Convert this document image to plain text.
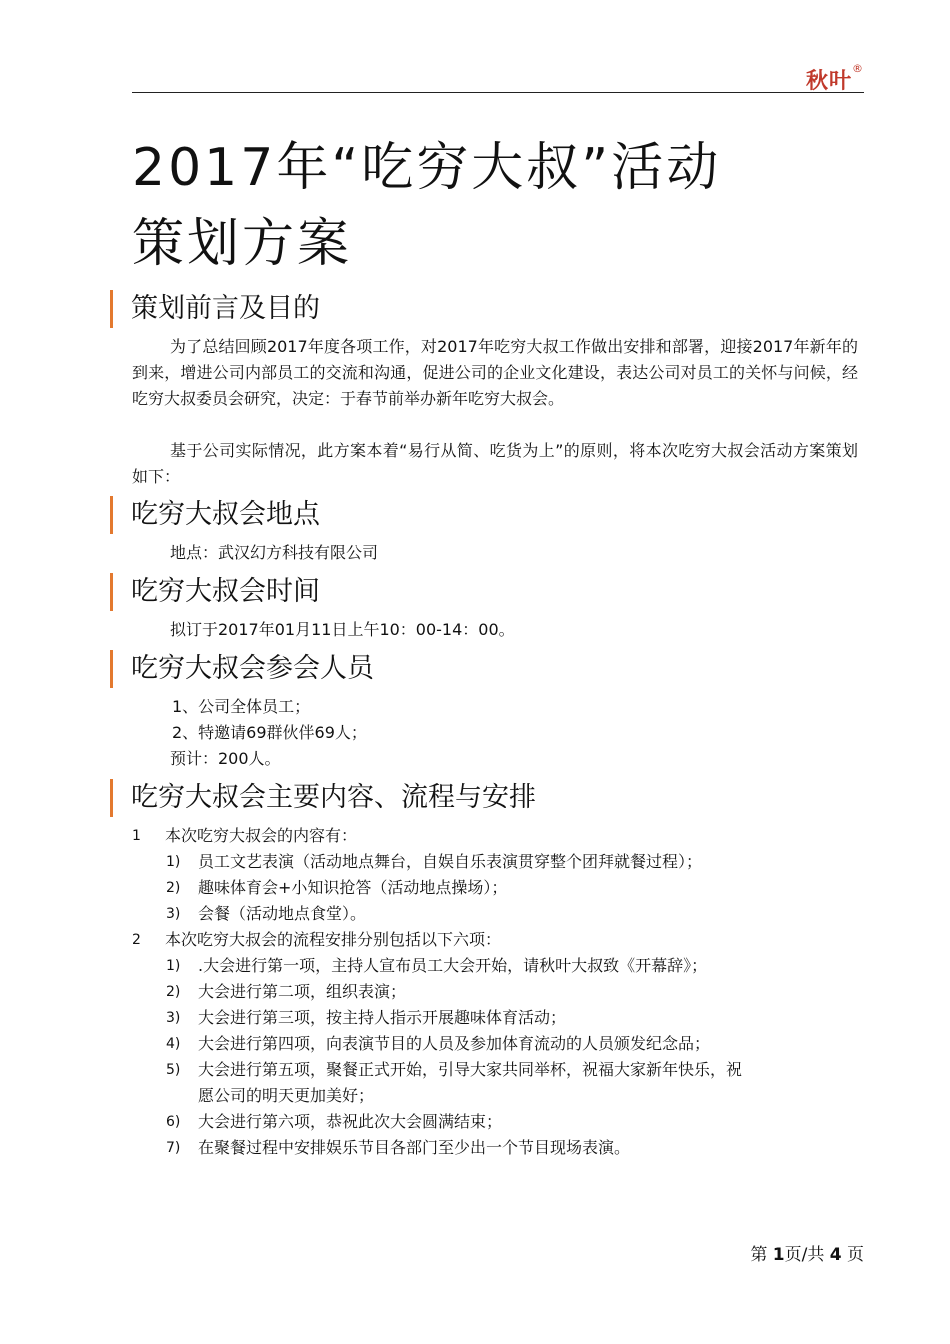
秋叶®
2017年“吃穷大叔”活动
策划方案
策划前言及目的

为了总结回顾2017年度各项工作，对2017年吃穷大叔工作做出安排和部署，迎接2017年新年的到来，增进公司内部员工的交流和沟通，促进公司的企业文化建设，表达公司对员工的关怀与问候，经吃穷大叔委员会研究，决定：于春节前举办新年吃穷大叔会。

基于公司实际情况，此方案本着“易行从简、吃货为上”的原则，将本次吃穷大叔会活动方案策划如下：

吃穷大叔会地点
地点：武汉幻方科技有限公司
吃穷大叔会时间
拟订于2017年01月11日上午10：00-14：00。
吃穷大叔会参会人员
1、公司全体员工；
2、特邀请69群伙伴69人；
预计：200人。
吃穷大叔会主要内容、流程与安排
1 本次吃穷大叔会的内容有：
1) 员工文艺表演（活动地点舞台，自娱自乐表演贯穿整个团拜就餐过程）；
2) 趣味体育会+小知识抢答（活动地点操场）；
3) 会餐（活动地点食堂）。
2 本次吃穷大叔会的流程安排分别包括以下六项：
1) .大会进行第一项，主持人宣布员工大会开始，请秋叶大叔致《开幕辞》；
2) 大会进行第二项，组织表演；
3) 大会进行第三项，按主持人指示开展趣味体育活动；
4) 大会进行第四项，向表演节目的人员及参加体育流动的人员颁发纪念品；
5) 大会进行第五项，聚餐正式开始，引导大家共同举杯，祝福大家新年快乐，祝
愿公司的明天更加美好；
6) 大会进行第六项，恭祝此次大会圆满结束；
7) 在聚餐过程中安排娱乐节目各部门至少出一个节目现场表演。
第 1页/共 4 页
